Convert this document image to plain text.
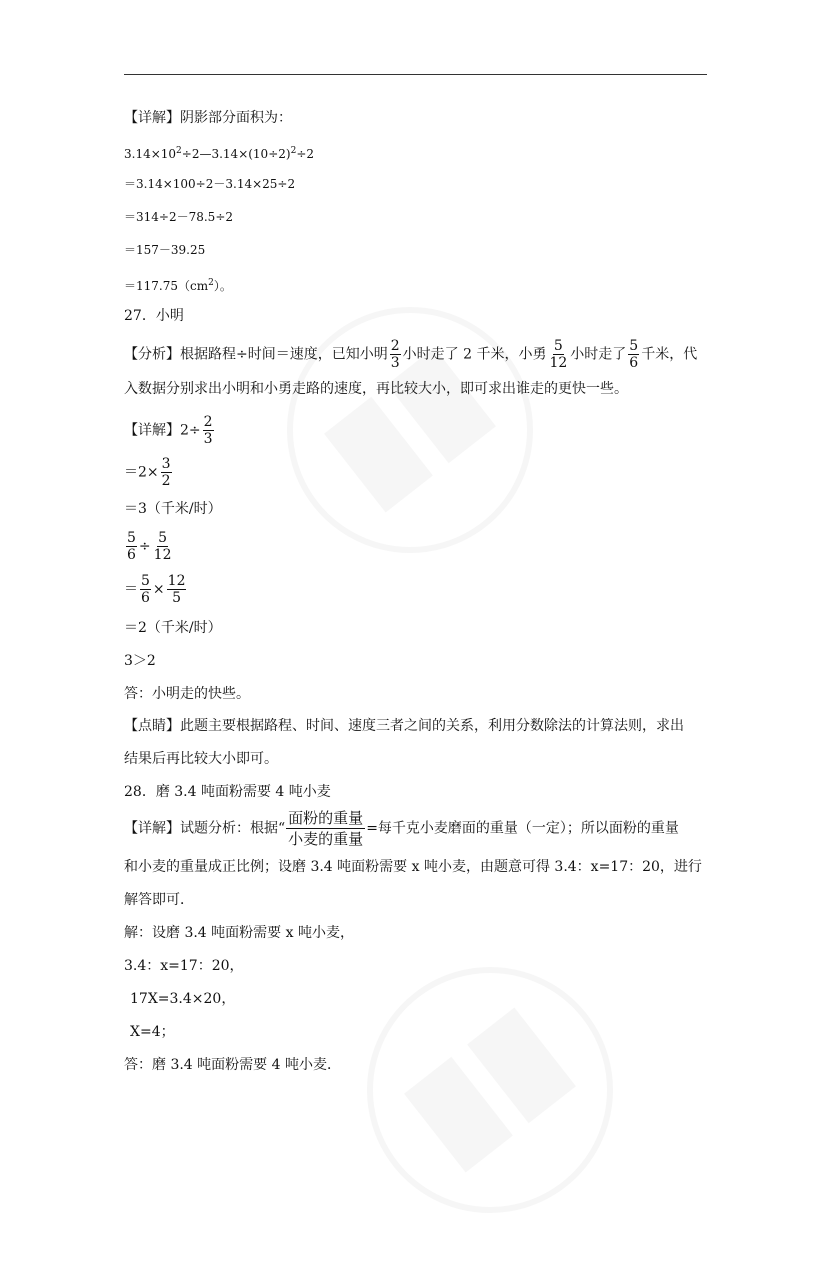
【详解】阴影部分面积为：
$3.14\times 10^2\div 2—3.14\times(10\div 2)^2\div 2$
＝3.14×100÷2－3.14×25÷2
＝314÷2－78.5÷2
＝157－39.25
$=117.75(cm^2)$。
27．小明
【分析】根据路程÷时间＝速度，已知小明 $\frac{2}{3}$ 小时走了 2 千米，小勇 $\frac{5}{12}$ 小时走了 $\frac{5}{6}$ 千米，代
入数据分别求出小明和小勇走路的速度，再比较大小，即可求出谁走的更快一些。
【详解】$2\div \frac{2}{3}$
$=2\times \frac{3}{2}$
＝3（千米/时）
$\frac{5}{6} \div \frac{5}{12}$
＝ $\frac{5}{6} \times \frac{12}{5}$
＝2（千米/时）
3＞2
答：小明走的快些。
【点睛】此题主要根据路程、时间、速度三者之间的关系，利用分数除法的计算法则，求出
结果后再比较大小即可。
28．磨 3.4 吨面粉需要 4 吨小麦
【详解】试题分析：根据“ $\frac{\text{面粉的重量}}{\text{小麦的重量}}$ =每千克小麦磨面的重量（一定）；所以面粉的重量
和小麦的重量成正比例；设磨 3.4 吨面粉需要 x 吨小麦，由题意可得 3.4：x=17：20，进行
解答即可．
解：设磨 3.4 吨面粉需要 x 吨小麦，
3.4：x=17：20，
17X=3.4×20，
X=4；
答：磨 3.4 吨面粉需要 4 吨小麦．
